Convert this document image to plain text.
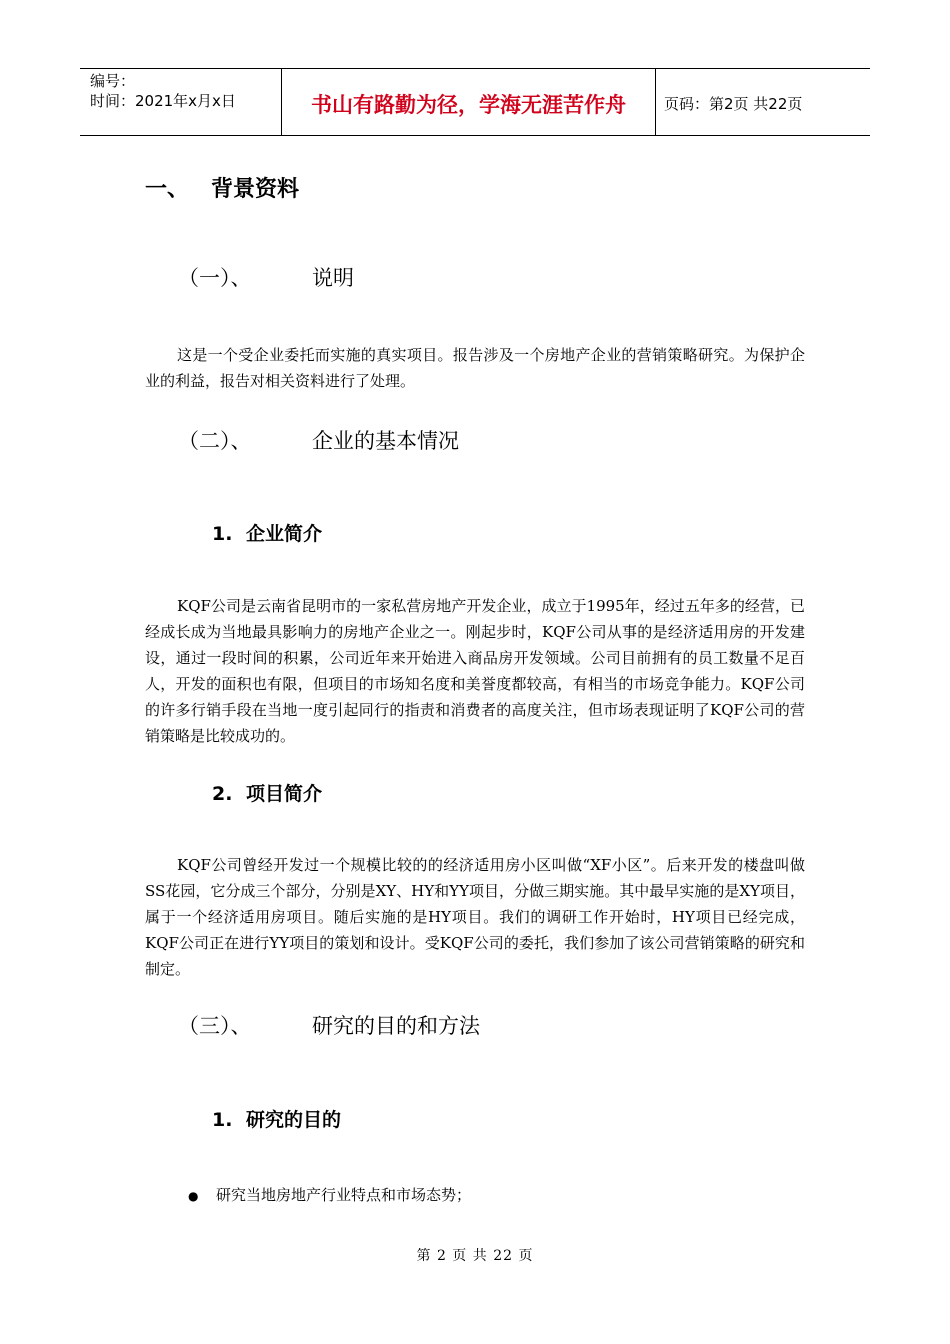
编号：
时间：2021年x月x日	书山有路勤为径，学海无涯苦作舟	页码：第2页 共22页
一、 背景资料
（一）、	说明

这是一个受企业委托而实施的真实项目。报告涉及一个房地产企业的营销策略研究。为保护企业的利益，报告对相关资料进行了处理。

（二）、	企业的基本情况
1. 企业简介

KQF公司是云南省昆明市的一家私营房地产开发企业，成立于1995年，经过五年多的经营，已经成长成为当地最具影响力的房地产企业之一。刚起步时，KQF公司从事的是经济适用房的开发建设，通过一段时间的积累，公司近年来开始进入商品房开发领域。公司目前拥有的员工数量不足百人，开发的面积也有限，但项目的市场知名度和美誉度都较高，有相当的市场竞争能力。KQF公司的许多行销手段在当地一度引起同行的指责和消费者的高度关注，但市场表现证明了KQF公司的营销策略是比较成功的。

2. 项目简介

KQF公司曾经开发过一个规模比较的的经济适用房小区叫做“XF小区”。后来开发的楼盘叫做SS花园，它分成三个部分，分别是XY、HY和YY项目，分做三期实施。其中最早实施的是XY项目，属于一个经济适用房项目。随后实施的是HY项目。我们的调研工作开始时，HY项目已经完成，KQF公司正在进行YY项目的策划和设计。受KQF公司的委托，我们参加了该公司营销策略的研究和制定。

（三）、	研究的目的和方法
1. 研究的目的
● 研究当地房地产行业特点和市场态势；
第 2 页 共 22 页
